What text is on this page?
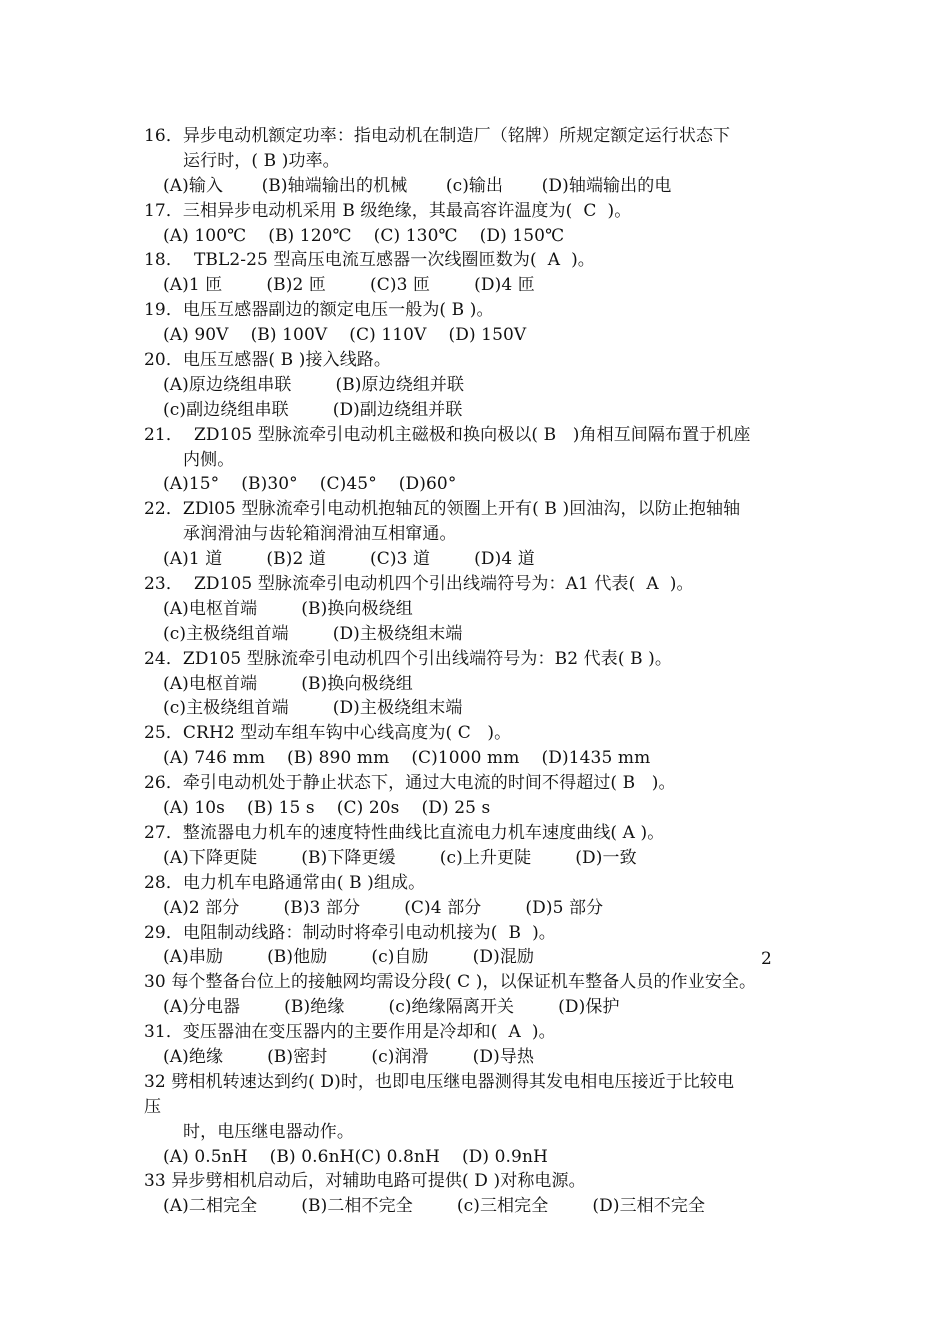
16．异步电动机额定功率：指电动机在制造厂（铭牌）所规定额定运行状态下
运行时，( B )功率。
(A)输入       (B)轴端输出的机械       (c)输出       (D)轴端输出的电
17．三相异步电动机采用 B 级绝缘，其最高容许温度为(  C  )。
(A) 100℃    (B) 120℃    (C) 130℃    (D) 150℃
18．  TBL2-25 型高压电流互感器一次线圈匝数为(  A  )。
(A)1 匝        (B)2 匝        (C)3 匝        (D)4 匝
19．电压互感器副边的额定电压一般为( B )。
(A) 90V    (B) 100V    (C) 110V    (D) 150V
20．电压互感器( B )接入线路。
(A)原边绕组串联        (B)原边绕组并联
(c)副边绕组串联        (D)副边绕组并联
21．  ZD105 型脉流牵引电动机主磁极和换向极以( B   )角相互间隔布置于机座
内侧。
(A)15°    (B)30°    (C)45°    (D)60°
22．ZDl05 型脉流牵引电动机抱轴瓦的领圈上开有( B )回油沟，以防止抱轴轴
承润滑油与齿轮箱润滑油互相窜通。
(A)1 道        (B)2 道        (C)3 道        (D)4 道
23．  ZD105 型脉流牵引电动机四个引出线端符号为：A1 代表(  A  )。
(A)电枢首端        (B)换向极绕组
(c)主极绕组首端        (D)主极绕组末端
24．ZD105 型脉流牵引电动机四个引出线端符号为：B2 代表( B )。
(A)电枢首端        (B)换向极绕组
(c)主极绕组首端        (D)主极绕组末端
25．CRH2 型动车组车钩中心线高度为( C   )。
(A) 746 mm    (B) 890 mm    (C)1000 mm    (D)1435 mm
26．牵引电动机处于静止状态下，通过大电流的时间不得超过( B   )。
(A) 10s    (B) 15 s    (C) 20s    (D) 25 s
27．整流器电力机车的速度特性曲线比直流电力机车速度曲线( A )。
(A)下降更陡        (B)下降更缓        (c)上升更陡        (D)一致
28．电力机车电路通常由( B )组成。
(A)2 部分        (B)3 部分        (C)4 部分        (D)5 部分
29．电阻制动线路：制动时将牵引电动机接为(  B  )。
(A)串励        (B)他励        (c)自励        (D)混励
30 每个整备台位上的接触网均需设分段( C )，以保证机车整备人员的作业安全。
(A)分电器        (B)绝缘        (c)绝缘隔离开关        (D)保护
31．变压器油在变压器内的主要作用是冷却和(  A  )。
(A)绝缘        (B)密封        (c)润滑        (D)导热
32 劈相机转速达到约( D)时，也即电压继电器测得其发电相电压接近于比较电
压
时，电压继电器动作。
(A) 0.5nH    (B) 0.6nH(C) 0.8nH    (D) 0.9nH
33 异步劈相机启动后，对辅助电路可提供( D )对称电源。
(A)二相完全        (B)二相不完全        (c)三相完全        (D)三相不完全
2
